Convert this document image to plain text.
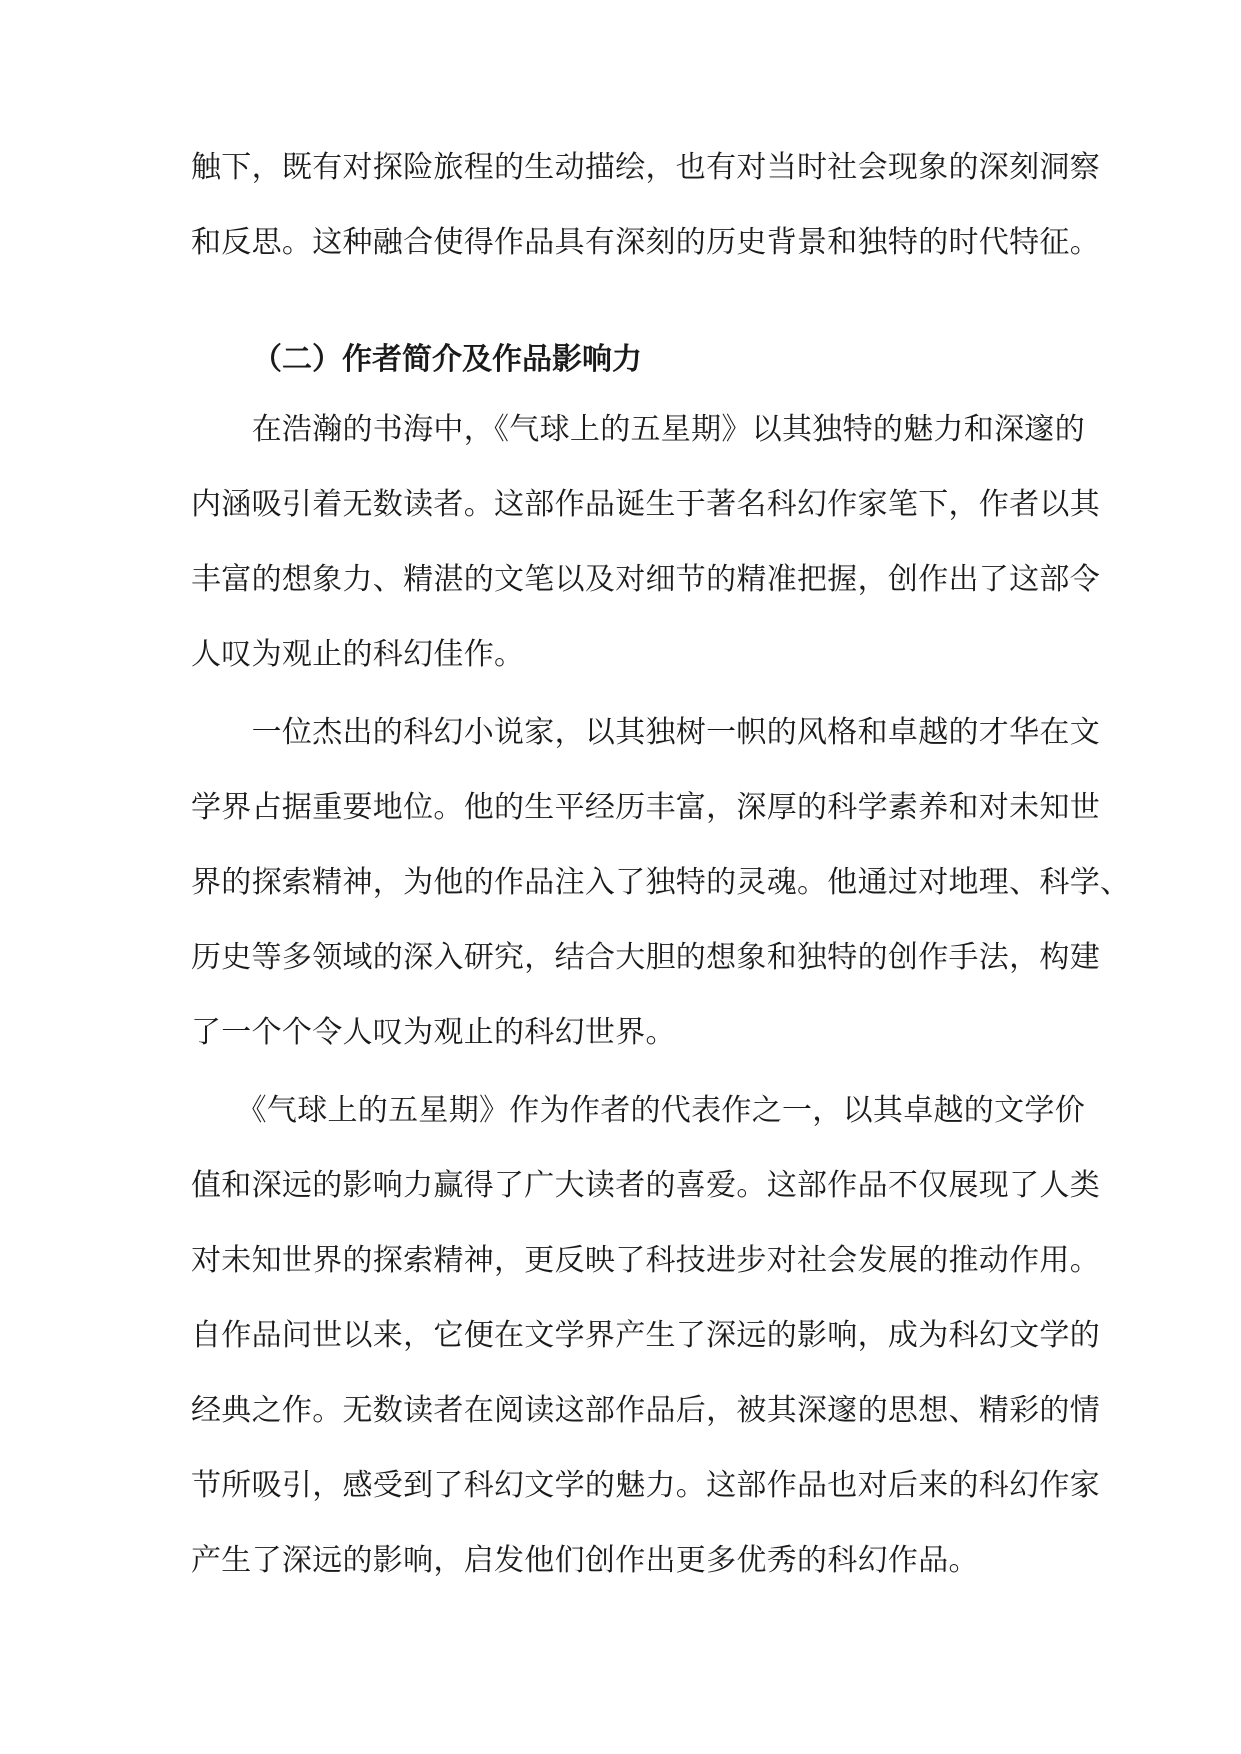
触下，既有对探险旅程的生动描绘，也有对当时社会现象的深刻洞察
和反思。这种融合使得作品具有深刻的历史背景和独特的时代特征。
（二）作者简介及作品影响力
　　在浩瀚的书海中，《气球上的五星期》以其独特的魅力和深邃的
内涵吸引着无数读者。这部作品诞生于著名科幻作家笔下，作者以其
丰富的想象力、精湛的文笔以及对细节的精准把握，创作出了这部令
人叹为观止的科幻佳作。
　　一位杰出的科幻小说家，以其独树一帜的风格和卓越的才华在文
学界占据重要地位。他的生平经历丰富，深厚的科学素养和对未知世
界的探索精神，为他的作品注入了独特的灵魂。他通过对地理、科学、
历史等多领域的深入研究，结合大胆的想象和独特的创作手法，构建
了一个个令人叹为观止的科幻世界。
　　《气球上的五星期》作为作者的代表作之一，以其卓越的文学价
值和深远的影响力赢得了广大读者的喜爱。这部作品不仅展现了人类
对未知世界的探索精神，更反映了科技进步对社会发展的推动作用。
自作品问世以来，它便在文学界产生了深远的影响，成为科幻文学的
经典之作。无数读者在阅读这部作品后，被其深邃的思想、精彩的情
节所吸引，感受到了科幻文学的魅力。这部作品也对后来的科幻作家
产生了深远的影响，启发他们创作出更多优秀的科幻作品。
